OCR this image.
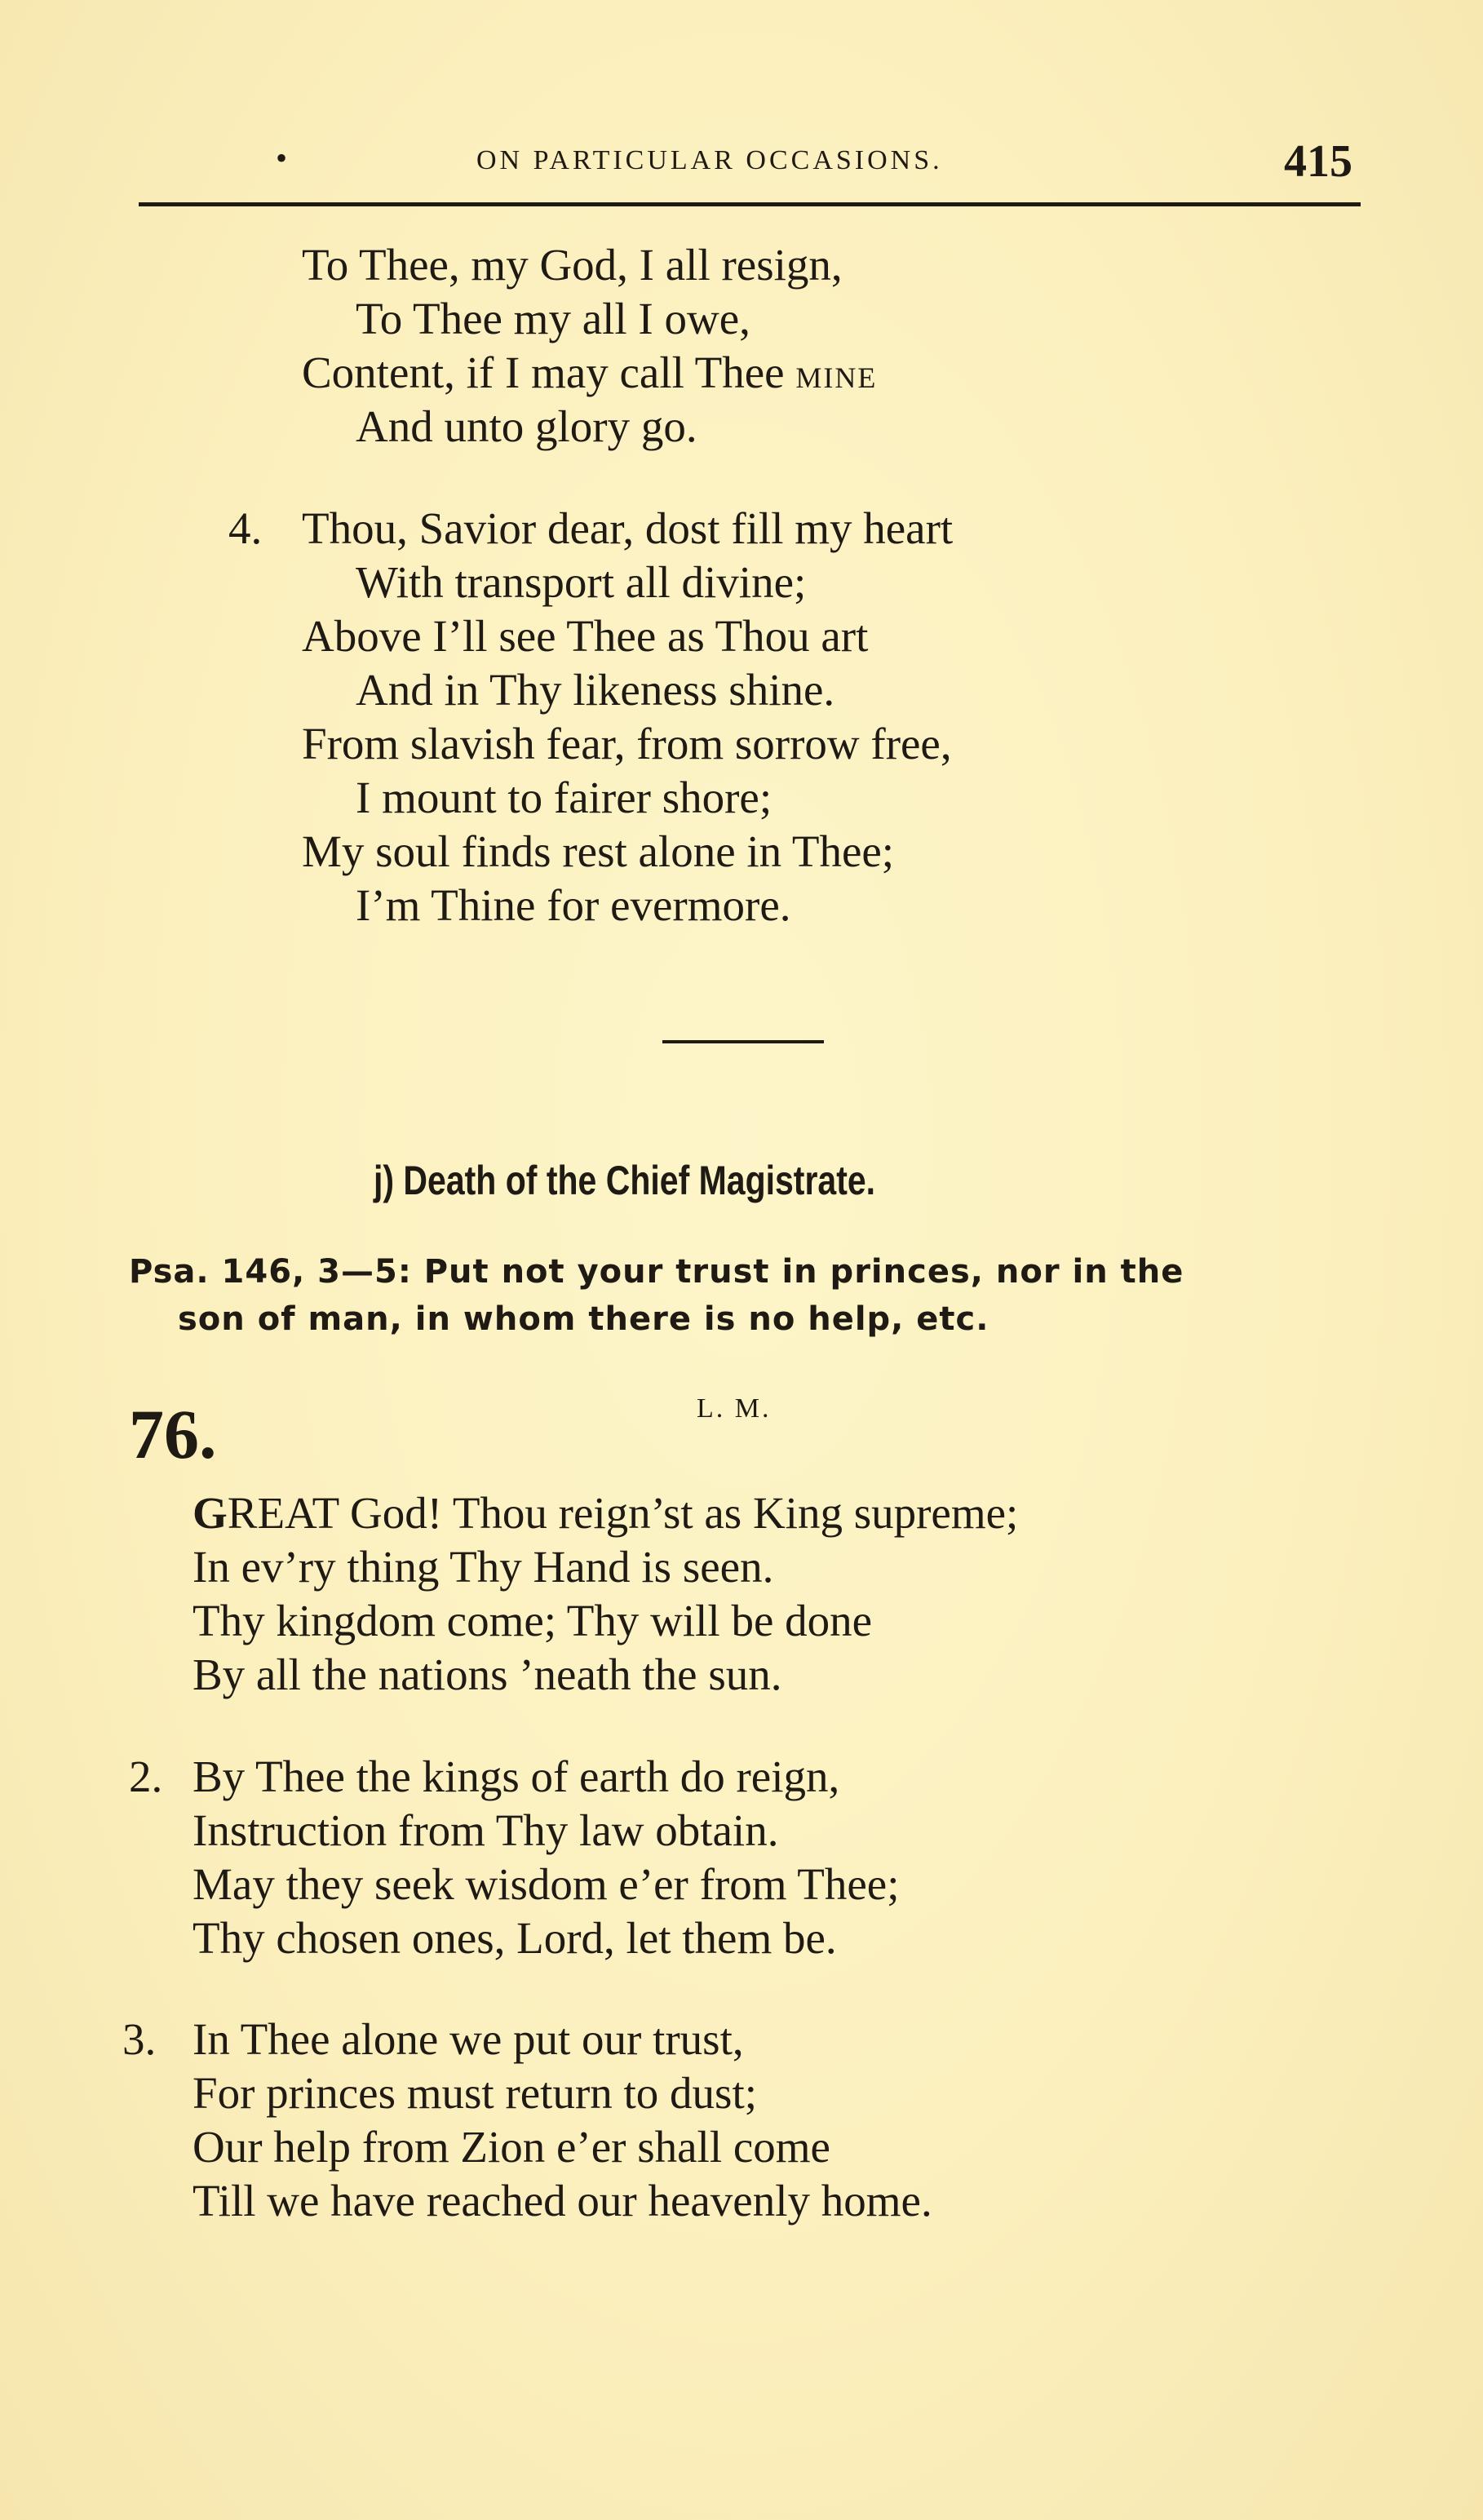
•	ON PARTICULAR OCCASIONS.	415
To Thee, my God, I all resign,
To Thee my all I owe,
Content, if I may call Thee MINE
And unto glory go.
4. Thou, Savior dear, dost fill my heart
With transport all divine;
Above I’ll see Thee as Thou art
And in Thy likeness shine.
From slavish fear, from sorrow free,
I mount to fairer shore;
My soul finds rest alone in Thee;
I’m Thine for evermore.
j) Death of the Chief Magistrate.
Psa. 146, 3—5: Put not your trust in princes, nor in the
son of man, in whom there is no help, etc.
76.	L. M.
GREAT God! Thou reign’st as King supreme;
In ev’ry thing Thy Hand is seen.
Thy kingdom come; Thy will be done
By all the nations ’neath the sun.
2. By Thee the kings of earth do reign,
Instruction from Thy law obtain.
May they seek wisdom e’er from Thee;
Thy chosen ones, Lord, let them be.
3. In Thee alone we put our trust,
For princes must return to dust;
Our help from Zion e’er shall come
Till we have reached our heavenly home.
